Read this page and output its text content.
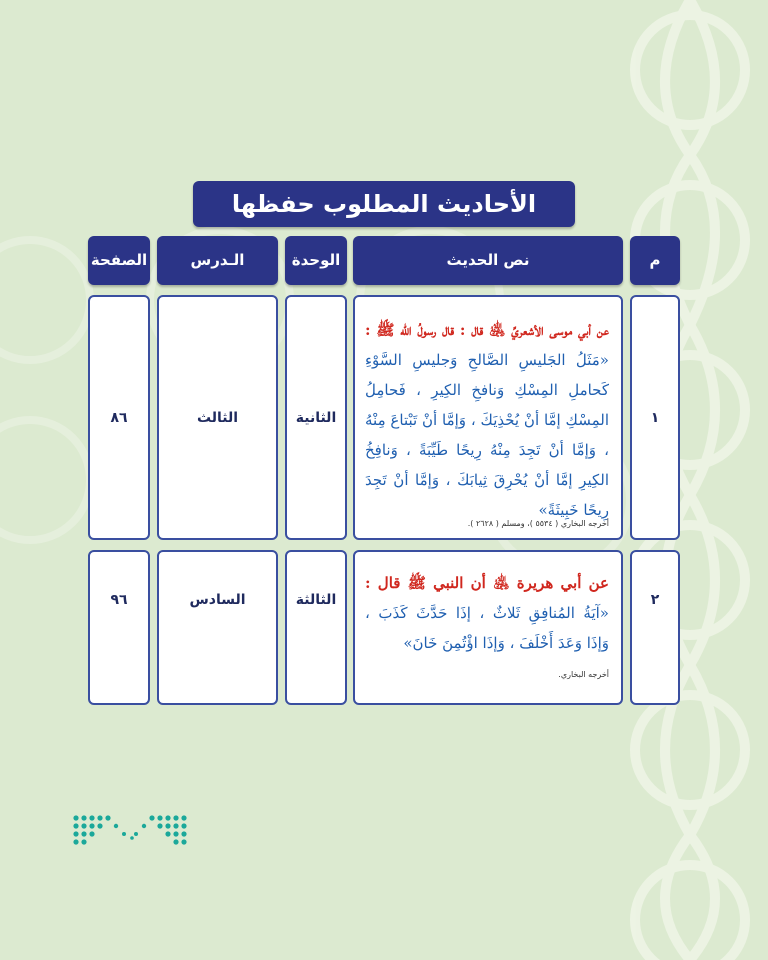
الأحاديث المطلوب حفظها
م
نص الحديث
الوحدة
الـدرس
الصفحة
١
عن أبي موسى الأشعريِّ ﵁ قال : قال رسولُ الله ﷺ : «مَثَلُ الجَليسِ الصَّالحِ وَجليسِ السَّوْءِ كَحاملِ المِسْكِ وَنافخِ الكِيرِ ، فَحامِلُ المِسْكِ إمَّا أنْ يُحْذِيَكَ ، وَإمَّا أنْ تَبْتاعَ مِنْهُ ، وَإمَّا أنْ تَجِدَ مِنْهُ رِيحًا طَيِّبَةً ، وَنافِخُ الكِيرِ إمَّا أنْ يُحْرِقَ ثِيابَكَ ، وَإمَّا أنْ تَجِدَ رِيحًا خَبِيثَةً»
أخرجه البخاري ( ٥٥٣٤ )، ومسلم ( ٢٦٢٨ ).
الثانية
الثالث
٨٦
٢
عن أبي هريرة ﵁ أن النبي ﷺ قال : «آيَةُ المُنافِقِ ثَلاثٌ ، إذَا حَدَّثَ كَذَبَ ، وَإذَا وَعَدَ أَخْلَفَ ، وَإذَا اؤْتُمِنَ خَانَ»
أخرجه البخاري.
الثالثة
السادس
٩٦
